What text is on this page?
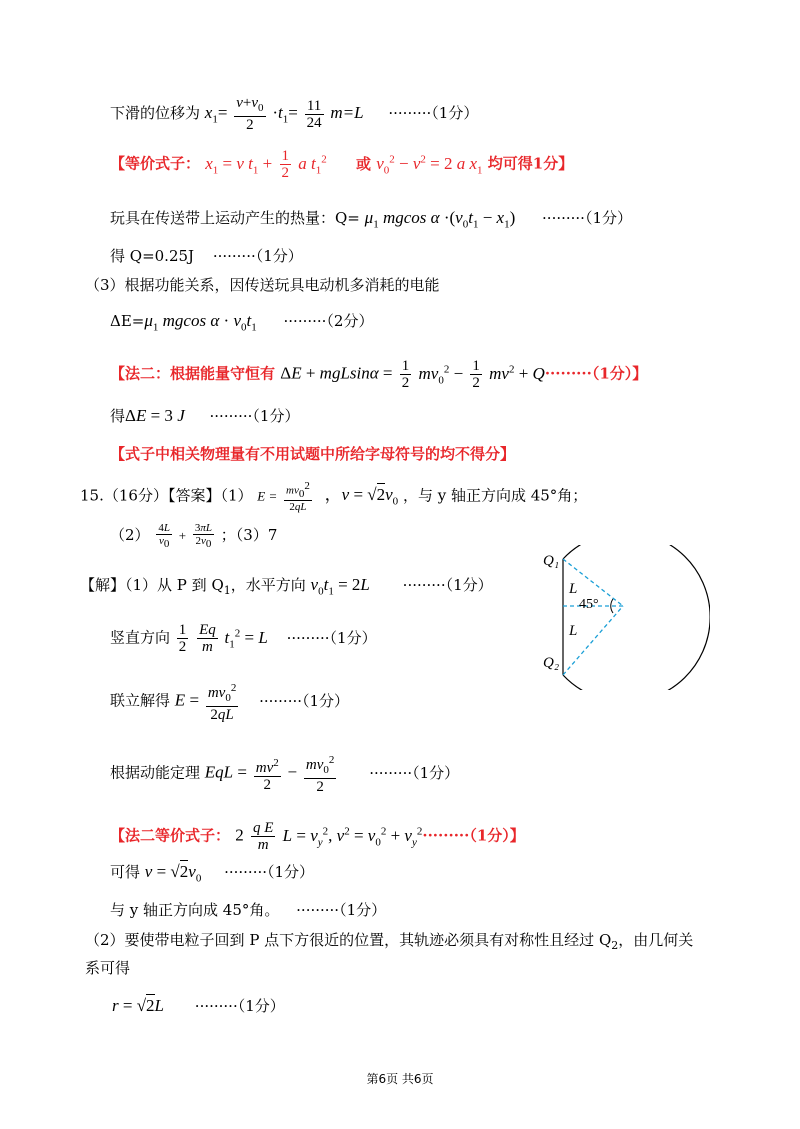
下滑的位移为 $x_1= \frac{v+v_0}{2} \cdot t_1= \frac{11}{24} m=L \cdot\cdot\cdot\cdot\cdot\cdot\cdot\cdot\cdot(1$分）
【等价式子： $x_1 = v$ $t_1 + \frac{1}{2}$ a $t_1^2$ 或 $v_0^2 - v^2 = 2$ a $x_1$ 均可得1分】
玩具在传送带上运动产生的热量：$Q= \mu_1$ mgcos $\alpha \cdot(v_0t_1 - x_1) \cdot\cdot\cdot\cdot\cdot\cdot\cdot\cdot\cdot(1$分）
得 Q=0.25J ·········（1分）
（3）根据功能关系，因传送玩具电动机多消耗的电能
$\Delta E=\mu_1$ mgcos $\alpha \cdot v_0t_1 \cdot\cdot\cdot\cdot\cdot\cdot\cdot\cdot\cdot(2$分）
【法二：根据能量守恒有 $\Delta E + mgLsin\alpha = \frac{1}{2} mv_0^2 - \frac{1}{2} mv^2 + Q\cdot\cdot\cdot\cdot\cdot\cdot\cdot\cdot\cdot(1$分）】
得ΔE = 3 J ·········（1分）
【式子中相关物理量有不用试题中所给字母符号的均不得分】
15.（16分）【答案】（1） $E = \frac{mv_0^2}{2qL}$ ，$v = √2v_0$ ，与 y 轴正方向成 45°角；
$(2) \frac{4L}{v_0} + \frac{3\pi L}{2v_0}$ ；（3）7
【解】（1）从 P 到 $Q_1$，水平方向 $v_0t_1 = 2L \cdot\cdot\cdot\cdot\cdot\cdot\cdot\cdot\cdot(1$分）
竖直方向 $\frac{1}{2}$
$\frac{Eq}{m} t_1^2 = L \cdot\cdot\cdot\cdot\cdot\cdot\cdot\cdot\cdot(1$分）
联立解得 $E = \frac{mv_0^2}{2qL} \cdot\cdot\cdot\cdot\cdot\cdot\cdot\cdot\cdot(1$分）
根据动能定理 EqL = $\frac{mv^2}{2} - \frac{mv_0^2}{2} \cdot\cdot\cdot\cdot\cdot\cdot\cdot\cdot\cdot(1$分）
【法二等价式子： $2 \frac{\text{q E}}{m}$ $L = v_y^2$, $v^2 = v_0^2 + v_y^2\cdot\cdot\cdot\cdot\cdot\cdot\cdot\cdot\cdot(1$分）】
可得 $v = √2v_0 \cdot\cdot\cdot\cdot\cdot\cdot\cdot\cdot\cdot(1$分）
与 y 轴正方向成 45°角。 ·········（1分）
（2）要使带电粒子回到 P 点下方很近的位置，其轨迹必须具有对称性且经过 $Q_2$，由几何关
系可得
r = √2L ·········（1分）
Q₁
Q₂
L
L
45°
第6页 共6页
